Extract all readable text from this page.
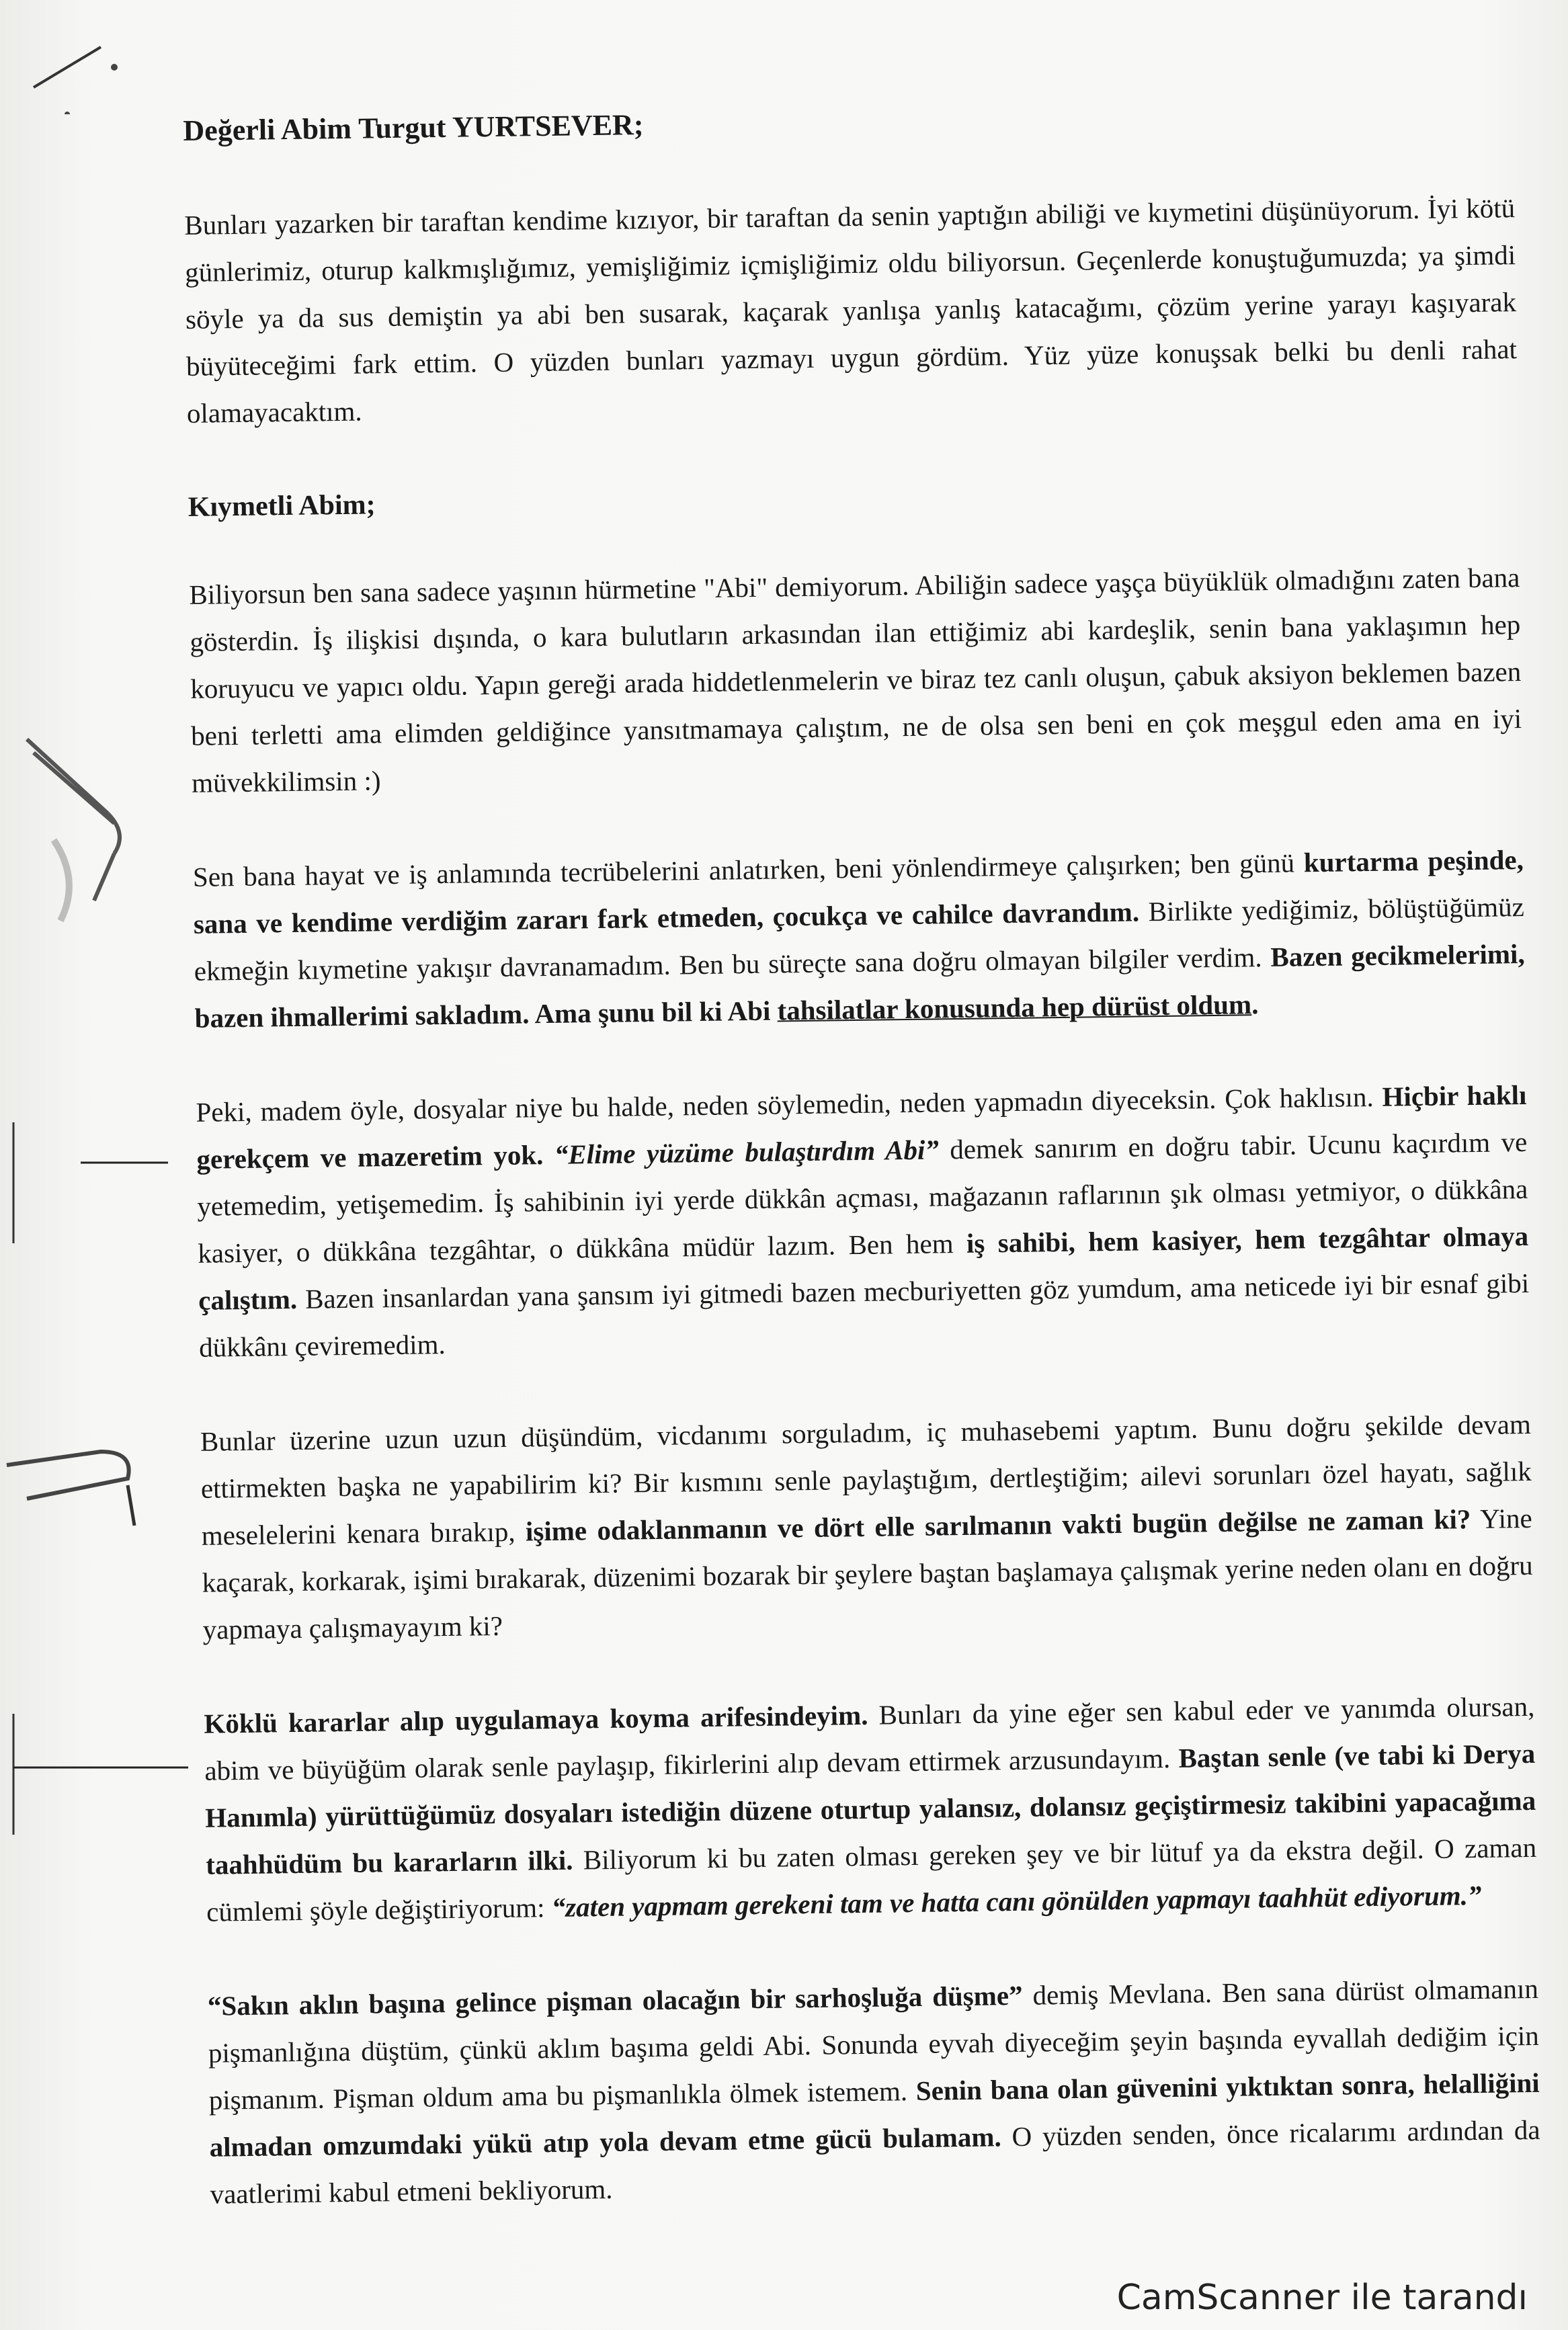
Değerli Abim Turgut YURTSEVER;

Bunları yazarken bir taraftan kendime kızıyor, bir taraftan da senin yaptığın abiliği ve kıymetini düşünüyorum. İyi kötü günlerimiz, oturup kalkmışlığımız, yemişliğimiz içmişliğimiz oldu biliyorsun. Geçenlerde konuştuğumuzda; ya şimdi söyle ya da sus demiştin ya abi ben susarak, kaçarak yanlışa yanlış katacağımı, çözüm yerine yarayı kaşıyarak büyüteceğimi fark ettim. O yüzden bunları yazmayı uygun gördüm. Yüz yüze konuşsak belki bu denli rahat olamayacaktım.

Kıymetli Abim;

Biliyorsun ben sana sadece yaşının hürmetine "Abi" demiyorum. Abiliğin sadece yaşça büyüklük olmadığını zaten bana gösterdin. İş ilişkisi dışında, o kara bulutların arkasından ilan ettiğimiz abi kardeşlik, senin bana yaklaşımın hep koruyucu ve yapıcı oldu. Yapın gereği arada hiddetlenmelerin ve biraz tez canlı oluşun, çabuk aksiyon beklemen bazen beni terletti ama elimden geldiğince yansıtmamaya çalıştım, ne de olsa sen beni en çok meşgul eden ama en iyi müvekkilimsin :)

Sen bana hayat ve iş anlamında tecrübelerini anlatırken, beni yönlendirmeye çalışırken; ben günü kurtarma peşinde, sana ve kendime verdiğim zararı fark etmeden, çocukça ve cahilce davrandım. Birlikte yediğimiz, bölüştüğümüz ekmeğin kıymetine yakışır davranamadım. Ben bu süreçte sana doğru olmayan bilgiler verdim. Bazen gecikmelerimi, bazen ihmallerimi sakladım. Ama şunu bil ki Abi tahsilatlar konusunda hep dürüst oldum.

Peki, madem öyle, dosyalar niye bu halde, neden söylemedin, neden yapmadın diyeceksin. Çok haklısın. Hiçbir haklı gerekçem ve mazeretim yok. “Elime yüzüme bulaştırdım Abi” demek sanırım en doğru tabir. Ucunu kaçırdım ve yetemedim, yetişemedim. İş sahibinin iyi yerde dükkân açması, mağazanın raflarının şık olması yetmiyor, o dükkâna kasiyer, o dükkâna tezgâhtar, o dükkâna müdür lazım. Ben hem iş sahibi, hem kasiyer, hem tezgâhtar olmaya çalıştım. Bazen insanlardan yana şansım iyi gitmedi bazen mecburiyetten göz yumdum, ama neticede iyi bir esnaf gibi dükkânı çeviremedim.

Bunlar üzerine uzun uzun düşündüm, vicdanımı sorguladım, iç muhasebemi yaptım. Bunu doğru şekilde devam ettirmekten başka ne yapabilirim ki? Bir kısmını senle paylaştığım, dertleştiğim; ailevi sorunları özel hayatı, sağlık meselelerini kenara bırakıp, işime odaklanmanın ve dört elle sarılmanın vakti bugün değilse ne zaman ki? Yine kaçarak, korkarak, işimi bırakarak, düzenimi bozarak bir şeylere baştan başlamaya çalışmak yerine neden olanı en doğru yapmaya çalışmayayım ki?

Köklü kararlar alıp uygulamaya koyma arifesindeyim. Bunları da yine eğer sen kabul eder ve yanımda olursan, abim ve büyüğüm olarak senle paylaşıp, fikirlerini alıp devam ettirmek arzusundayım. Baştan senle (ve tabi ki Derya Hanımla) yürüttüğümüz dosyaları istediğin düzene oturtup yalansız, dolansız geçiştirmesiz takibini yapacağıma taahhüdüm bu kararların ilki. Biliyorum ki bu zaten olması gereken şey ve bir lütuf ya da ekstra değil. O zaman cümlemi şöyle değiştiriyorum: “zaten yapmam gerekeni tam ve hatta canı gönülden yapmayı taahhüt ediyorum.”

“Sakın aklın başına gelince pişman olacağın bir sarhoşluğa düşme” demiş Mevlana. Ben sana dürüst olmamanın pişmanlığına düştüm, çünkü aklım başıma geldi Abi. Sonunda eyvah diyeceğim şeyin başında eyvallah dediğim için pişmanım. Pişman oldum ama bu pişmanlıkla ölmek istemem. Senin bana olan güvenini yıktıktan sonra, helalliğini almadan omzumdaki yükü atıp yola devam etme gücü bulamam. O yüzden senden, önce ricalarımı ardından da vaatlerimi kabul etmeni bekliyorum.

CamScanner ile tarandı
